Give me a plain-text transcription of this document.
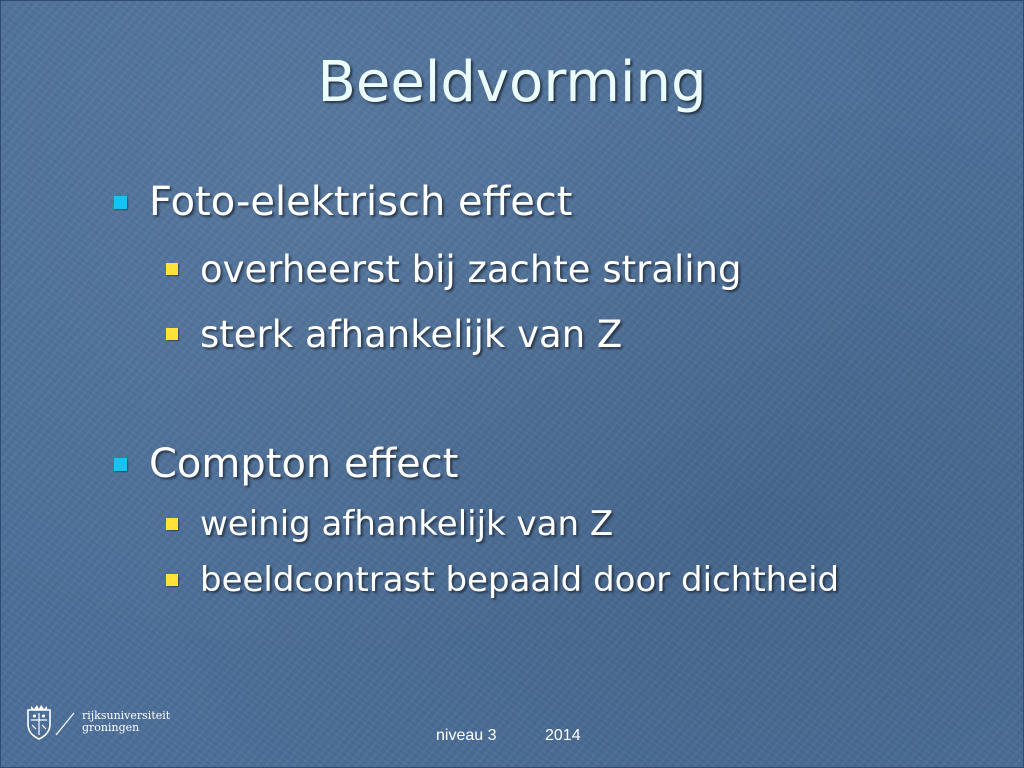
Beeldvorming
Foto-elektrisch effect
overheerst bij zachte straling
sterk afhankelijk van Z
Compton effect
weinig afhankelijk van Z
beeldcontrast bepaald door dichtheid
rijksuniversiteit
groningen	niveau 3	2014
